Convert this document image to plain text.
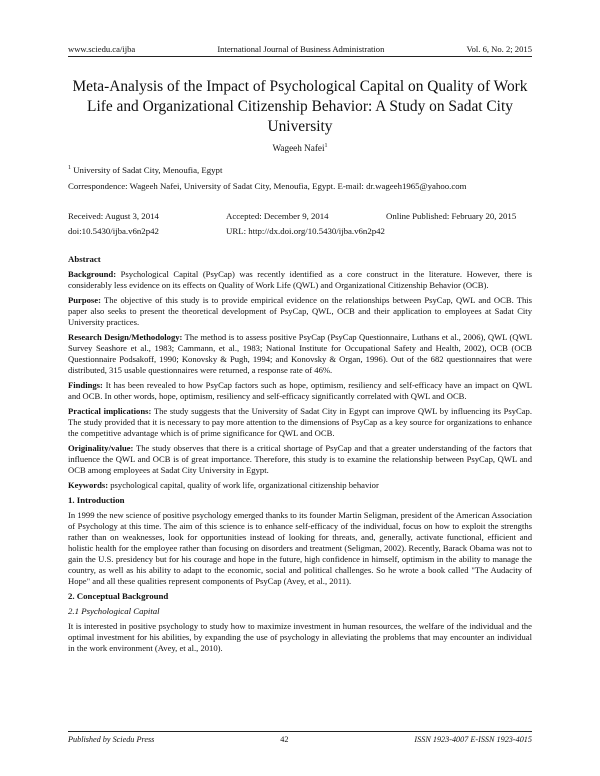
www.sciedu.ca/ijba	International Journal of Business Administration	Vol. 6, No. 2; 2015
Meta-Analysis of the Impact of Psychological Capital on Quality of Work Life and Organizational Citizenship Behavior: A Study on Sadat City University
Wageeh Nafei$^1$
$^1$ University of Sadat City, Menoufia, Egypt
Correspondence: Wageeh Nafei, University of Sadat City, Menoufia, Egypt. E-mail: dr.wageeh1965@yahoo.com
Received: August 3, 2014	Accepted: December 9, 2014	Online Published: February 20, 2015
doi:10.5430/ijba.v6n2p42	URL: http://dx.doi.org/10.5430/ijba.v6n2p42
Abstract

Background: Psychological Capital (PsyCap) was recently identified as a core construct in the literature. However, there is considerably less evidence on its effects on Quality of Work Life (QWL) and Organizational Citizenship Behavior (OCB).

Purpose: The objective of this study is to provide empirical evidence on the relationships between PsyCap, QWL and OCB. This paper also seeks to present the theoretical development of PsyCap, QWL, OCB and their application to employees at Sadat City University practices.

Research Design/Methodology: The method is to assess positive PsyCap (PsyCap Questionnaire, Luthans et al., 2006), QWL (QWL Survey Seashore et al., 1983; Cammann, et al., 1983; National Institute for Occupational Safety and Health, 2002), OCB (OCB Questionnaire Podsakoff, 1990; Konovsky & Pugh, 1994; and Konovsky & Organ, 1996). Out of the 682 questionnaires that were distributed, 315 usable questionnaires were returned, a response rate of 46%.

Findings: It has been revealed to how PsyCap factors such as hope, optimism, resiliency and self-efficacy have an impact on QWL and OCB. In other words, hope, optimism, resiliency and self-efficacy significantly correlated with QWL and OCB.

Practical implications: The study suggests that the University of Sadat City in Egypt can improve QWL by influencing its PsyCap. The study provided that it is necessary to pay more attention to the dimensions of PsyCap as a key source for organizations to enhance the competitive advantage which is of prime significance for QWL and OCB.

Originality/value: The study observes that there is a critical shortage of PsyCap and that a greater understanding of the factors that influence the QWL and OCB is of great importance. Therefore, this study is to examine the relationship between PsyCap, QWL and OCB among employees at Sadat City University in Egypt.

Keywords: psychological capital, quality of work life, organizational citizenship behavior

1. Introduction

In 1999 the new science of positive psychology emerged thanks to its founder Martin Seligman, president of the American Association of Psychology at this time. The aim of this science is to enhance self-efficacy of the individual, focus on how to exploit the strengths rather than on weaknesses, look for opportunities instead of looking for threats, and, generally, activate functional, efficient and holistic health for the employee rather than focusing on disorders and treatment (Seligman, 2002). Recently, Barack Obama was not to gain the U.S. presidency but for his courage and hope in the future, high confidence in himself, optimism in the ability to manage the country, as well as his ability to adapt to the economic, social and political challenges. So he wrote a book called "The Audacity of Hope" and all these qualities represent components of PsyCap (Avey, et al., 2011).

2. Conceptual Background
2.1 Psychological Capital

It is interested in positive psychology to study how to maximize investment in human resources, the welfare of the individual and the optimal investment for his abilities, by expanding the use of psychology in alleviating the problems that may encounter an individual in the work environment (Avey, et al., 2010).

Published by Sciedu Press	42	ISSN 1923-4007 E-ISSN 1923-4015
